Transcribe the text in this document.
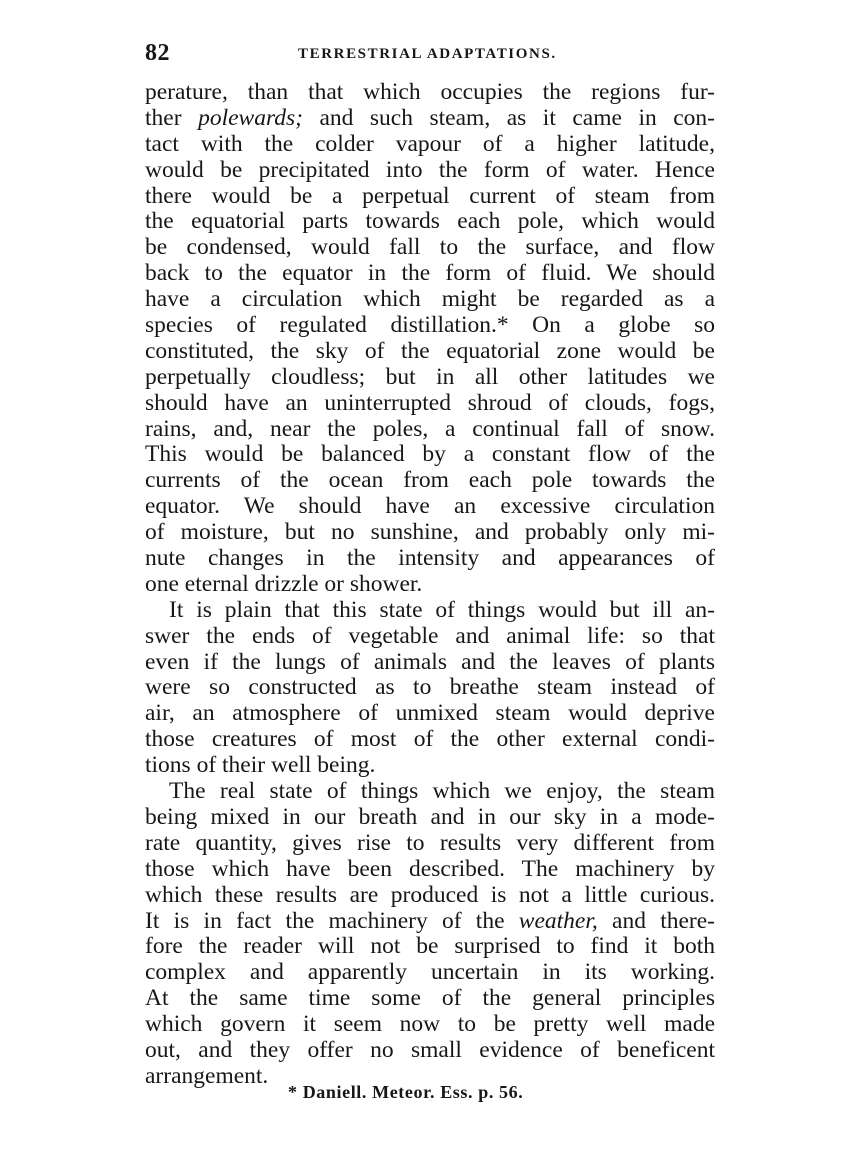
82	TERRESTRIAL ADAPTATIONS.
perature, than that which occupies the regions fur-
ther polewards; and such steam, as it came in con-
tact with the colder vapour of a higher latitude,
would be precipitated into the form of water. Hence
there would be a perpetual current of steam from
the equatorial parts towards each pole, which would
be condensed, would fall to the surface, and flow
back to the equator in the form of fluid. We should
have a circulation which might be regarded as a
species of regulated distillation.* On a globe so
constituted, the sky of the equatorial zone would be
perpetually cloudless; but in all other latitudes we
should have an uninterrupted shroud of clouds, fogs,
rains, and, near the poles, a continual fall of snow.
This would be balanced by a constant flow of the
currents of the ocean from each pole towards the
equator. We should have an excessive circulation
of moisture, but no sunshine, and probably only mi-
nute changes in the intensity and appearances of
one eternal drizzle or shower.
It is plain that this state of things would but ill an-
swer the ends of vegetable and animal life: so that
even if the lungs of animals and the leaves of plants
were so constructed as to breathe steam instead of
air, an atmosphere of unmixed steam would deprive
those creatures of most of the other external condi-
tions of their well being.
The real state of things which we enjoy, the steam
being mixed in our breath and in our sky in a mode-
rate quantity, gives rise to results very different from
those which have been described. The machinery by
which these results are produced is not a little curious.
It is in fact the machinery of the weather, and there-
fore the reader will not be surprised to find it both
complex and apparently uncertain in its working.
At the same time some of the general principles
which govern it seem now to be pretty well made
out, and they offer no small evidence of beneficent
arrangement.
* Daniell. Meteor. Ess. p. 56.
